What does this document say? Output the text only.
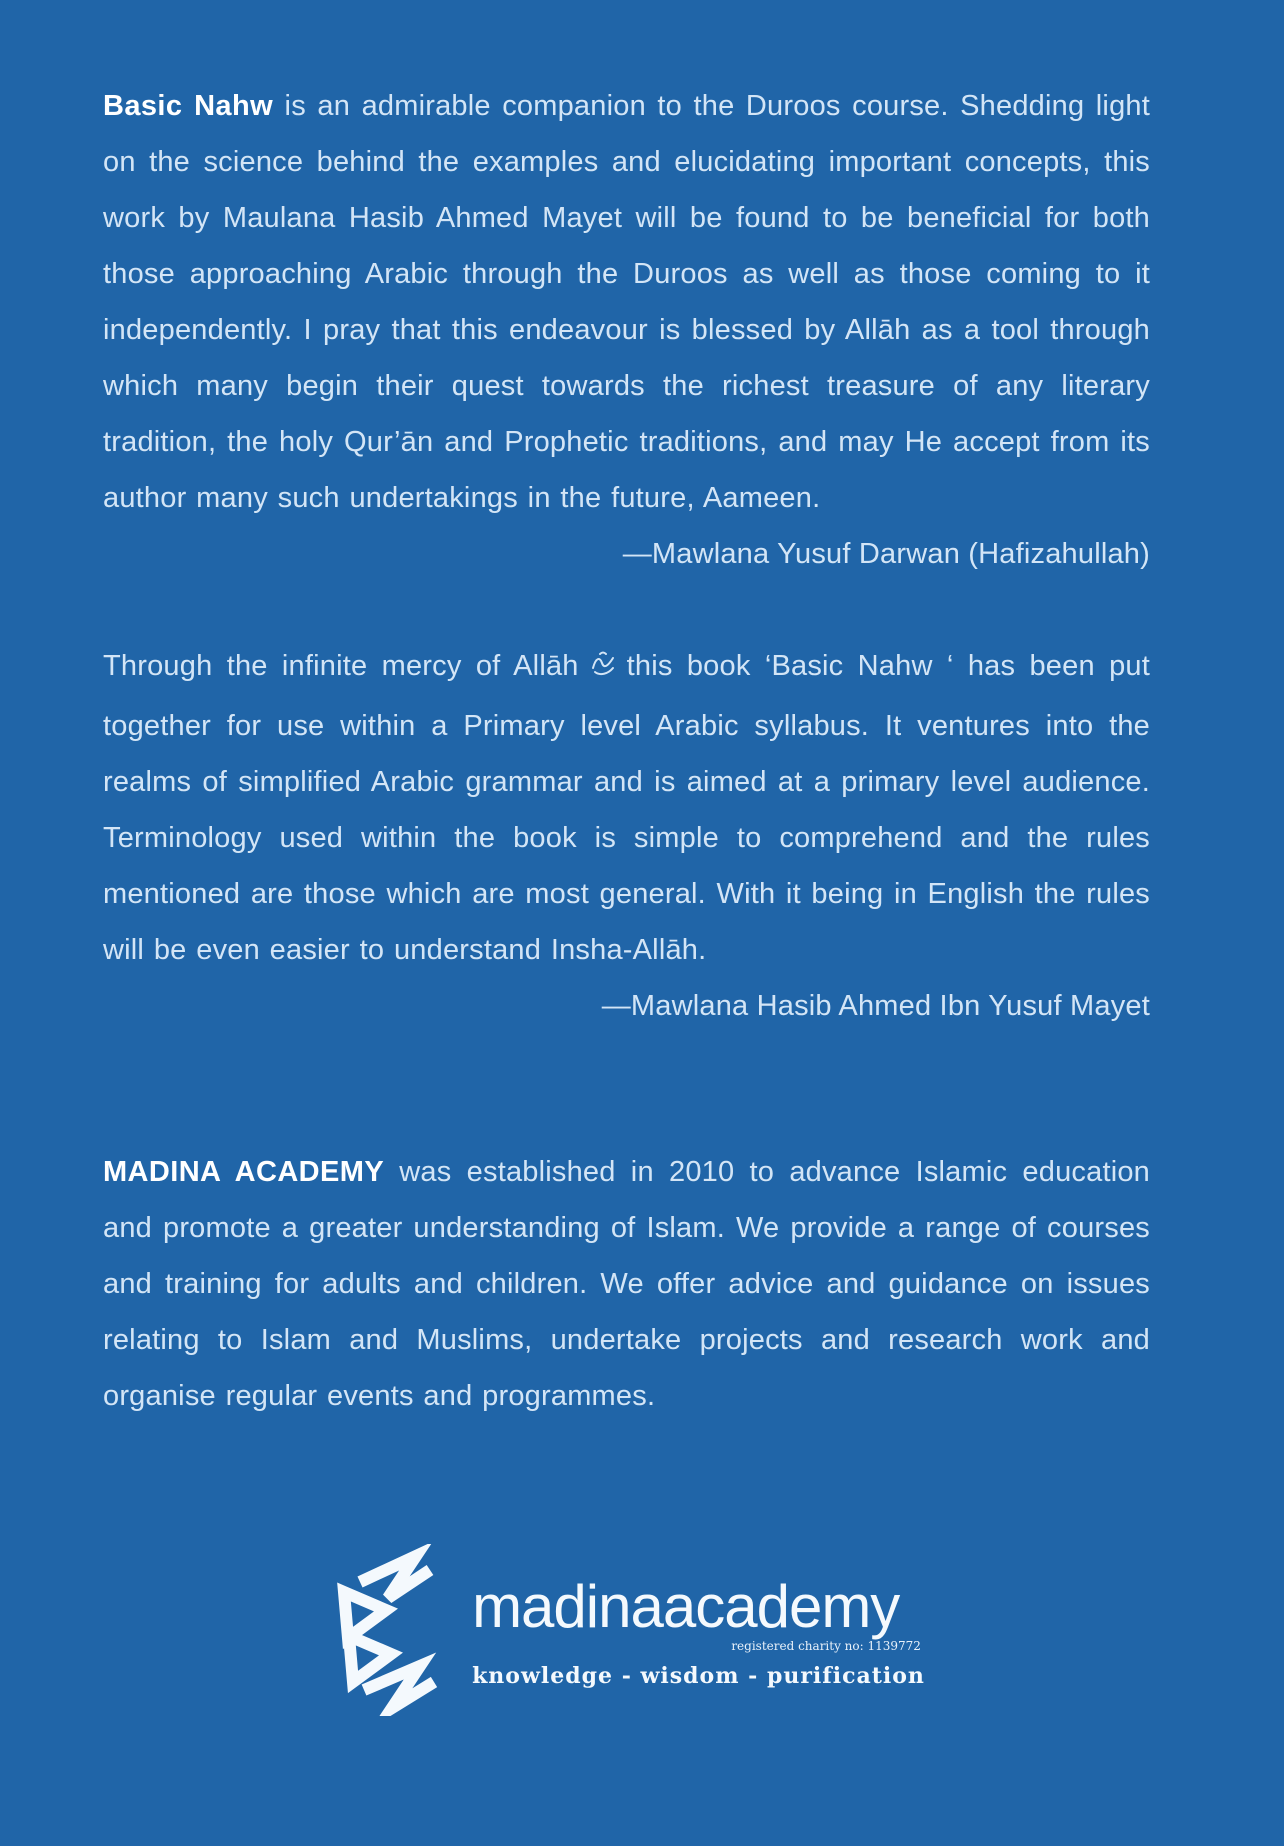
Basic Nahw is an admirable companion to the Duroos course. Shedding light on the science behind the examples and elucidating important concepts, this work by Maulana Hasib Ahmed Mayet will be found to be beneficial for both those approaching Arabic through the Duroos as well as those coming to it independently. I pray that this endeavour is blessed by Allāh as a tool through which many begin their quest towards the richest treasure of any literary tradition, the holy Qur’ān and Prophetic traditions, and may He accept from its author many such undertakings in the future, Aameen.

—Mawlana Yusuf Darwan (Hafizahullah)

Through the infinite mercy of Allāh this book ‘Basic Nahw ‘ has been put together for use within a Primary level Arabic syllabus. It ventures into the realms of simplified Arabic grammar and is aimed at a primary level audience. Terminology used within the book is simple to comprehend and the rules mentioned are those which are most general. With it being in English the rules will be even easier to understand Insha-Allāh.

—Mawlana Hasib Ahmed Ibn Yusuf Mayet

MADINA ACADEMY was established in 2010 to advance Islamic education and promote a greater understanding of Islam. We provide a range of courses and training for adults and children. We offer advice and guidance on issues relating to Islam and Muslims, undertake projects and research work and organise regular events and programmes.

madinaacademy
registered charity no: 1139772
knowledge - wisdom - purification
